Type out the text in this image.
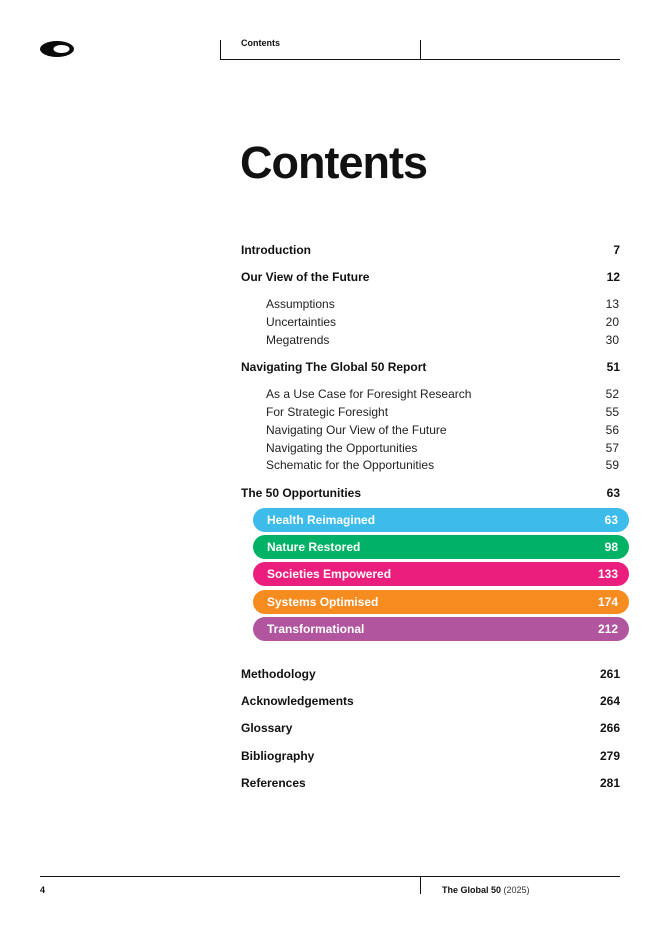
Contents
Contents
Introduction	7
Our View of the Future	12
Assumptions	13
Uncertainties	20
Megatrends	30
Navigating The Global 50 Report	51
As a Use Case for Foresight Research	52
For Strategic Foresight	55
Navigating Our View of the Future	56
Navigating the Opportunities	57
Schematic for the Opportunities	59
The 50 Opportunities	63
Health Reimagined	63
Nature Restored	98
Societies Empowered	133
Systems Optimised	174
Transformational	212
Methodology	261
Acknowledgements	264
Glossary	266
Bibliography	279
References	281
4	The Global 50 (2025)
